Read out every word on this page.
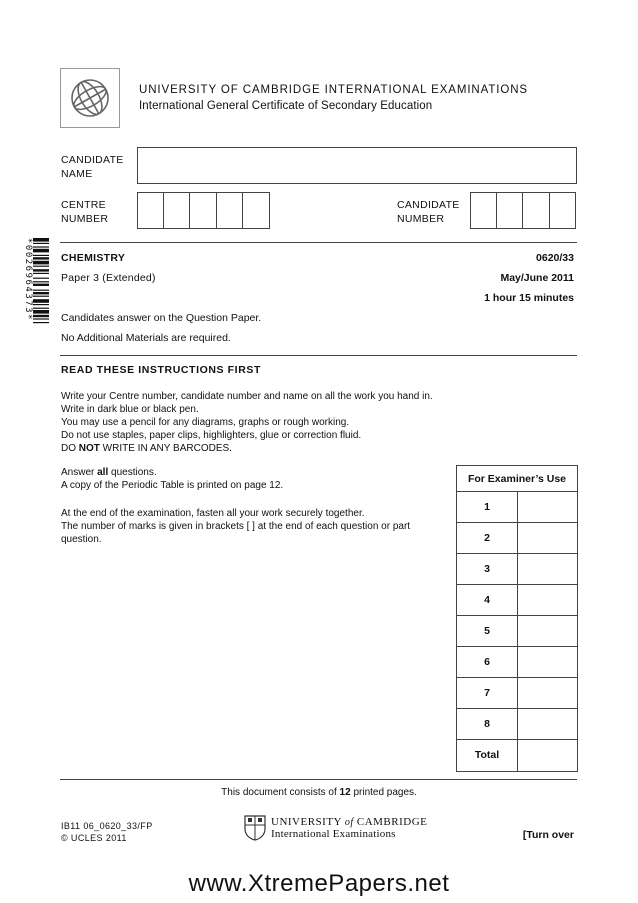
UNIVERSITY OF CAMBRIDGE INTERNATIONAL EXAMINATIONS
International General Certificate of Secondary Education
CANDIDATE
NAME
CENTRE
NUMBER
CANDIDATE
NUMBER
*0026964373*	CHEMISTRY	0620/33
Paper 3 (Extended)	May/June 2011
1 hour 15 minutes
Candidates answer on the Question Paper.
No Additional Materials are required.
READ THESE INSTRUCTIONS FIRST
Write your Centre number, candidate number and name on all the work you hand in.
Write in dark blue or black pen.
You may use a pencil for any diagrams, graphs or rough working.
Do not use staples, paper clips, highlighters, glue or correction fluid.
DO NOT WRITE IN ANY BARCODES.
Answer all questions.
A copy of the Periodic Table is printed on page 12.
At the end of the examination, fasten all your work securely together.
The number of marks is given in brackets [ ] at the end of each question or part question.
For Examiner’s Use
1
2
3
4
5
6
7
8
Total
This document consists of 12 printed pages.
IB11 06_0620_33/FP
© UCLES 2011
UNIVERSITY of CAMBRIDGE
International Examinations	[Turn over
www.XtremePapers.net
